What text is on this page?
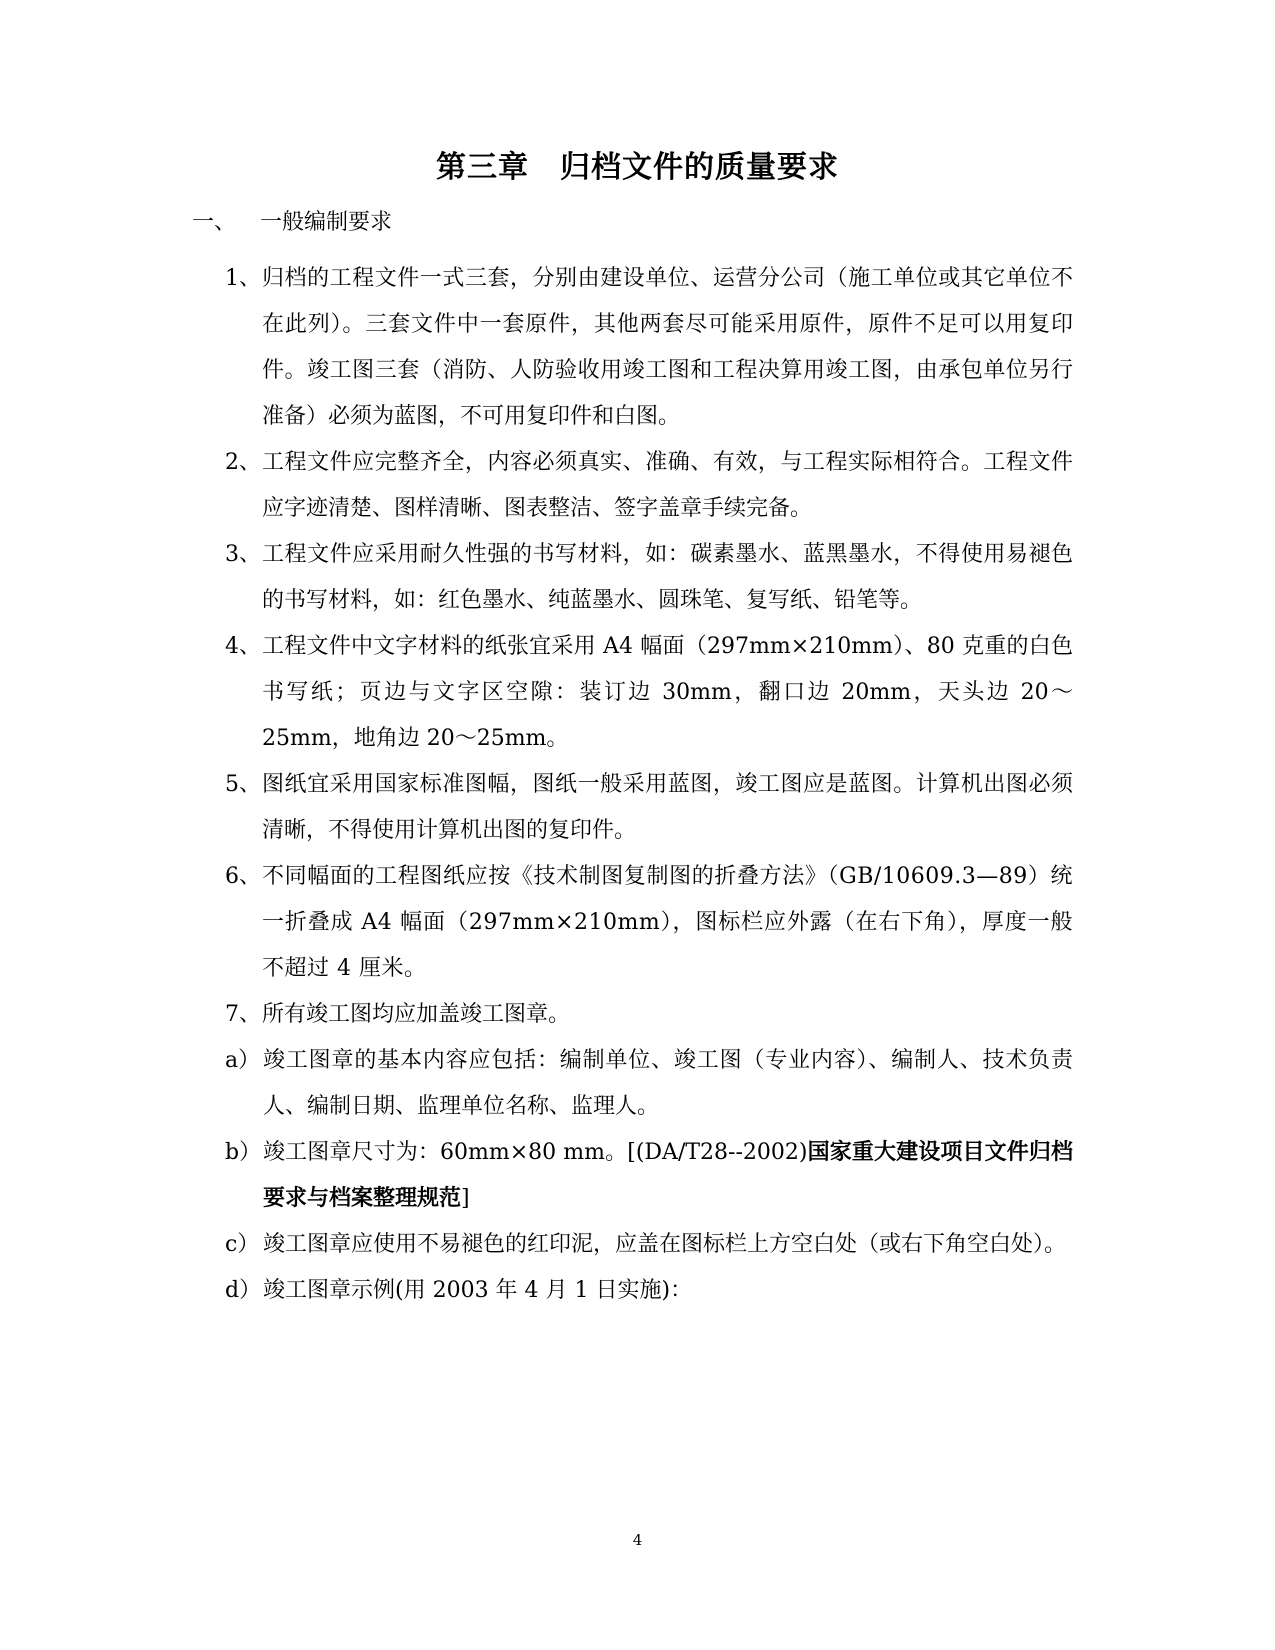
第三章　归档文件的质量要求
一、 一般编制要求
1、 归档的工程文件一式三套，分别由建设单位、运营分公司（施工单位或其它单位不在此列）。三套文件中一套原件，其他两套尽可能采用原件，原件不足可以用复印件。竣工图三套（消防、人防验收用竣工图和工程决算用竣工图，由承包单位另行准备）必须为蓝图，不可用复印件和白图。
2、 工程文件应完整齐全，内容必须真实、准确、有效，与工程实际相符合。工程文件应字迹清楚、图样清晰、图表整洁、签字盖章手续完备。
3、 工程文件应采用耐久性强的书写材料，如：碳素墨水、蓝黑墨水，不得使用易褪色的书写材料，如：红色墨水、纯蓝墨水、圆珠笔、复写纸、铅笔等。
4、 工程文件中文字材料的纸张宜采用 A4 幅面（297mm×210mm）、80 克重的白色书写纸；页边与文字区空隙：装订边 30mm，翻口边 20mm，天头边 20～25mm，地角边 20～25mm。
5、 图纸宜采用国家标准图幅，图纸一般采用蓝图，竣工图应是蓝图。计算机出图必须清晰，不得使用计算机出图的复印件。
6、 不同幅面的工程图纸应按《技术制图复制图的折叠方法》（GB/10609.3—89）统一折叠成 A4 幅面（297mm×210mm），图标栏应外露（在右下角），厚度一般不超过 4 厘米。
7、 所有竣工图均应加盖竣工图章。
a） 竣工图章的基本内容应包括：编制单位、竣工图（专业内容）、编制人、技术负责人、编制日期、监理单位名称、监理人。
b） 竣工图章尺寸为：60mm×80 mm。[(DA/T28--2002)国家重大建设项目文件归档要求与档案整理规范]
c） 竣工图章应使用不易褪色的红印泥，应盖在图标栏上方空白处（或右下角空白处）。
d） 竣工图章示例(用 2003 年 4 月 1 日实施)：
4
